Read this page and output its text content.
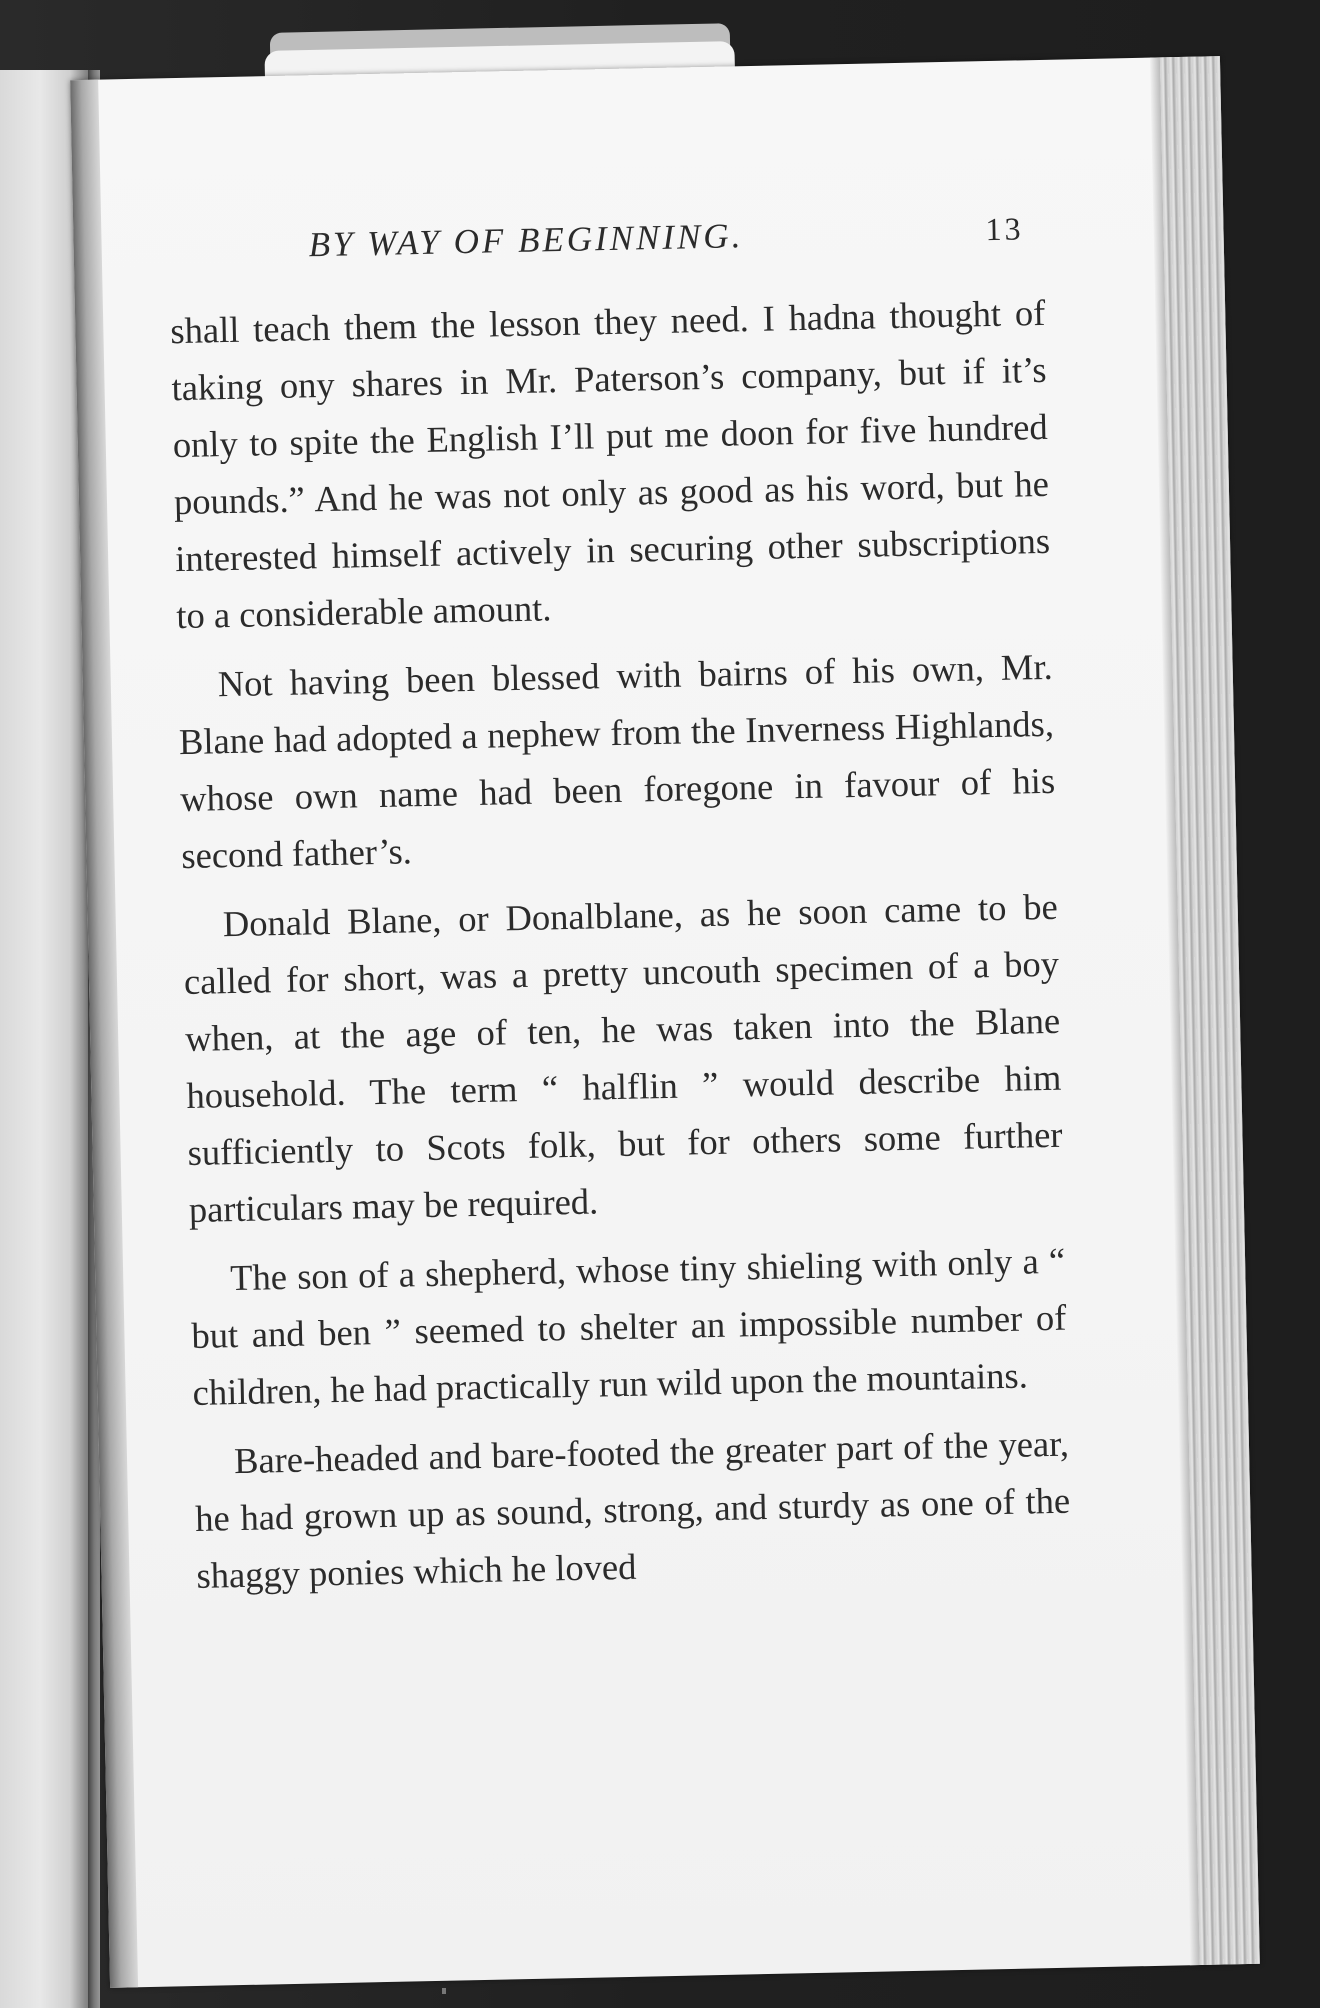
BY WAY OF BEGINNING.	13

shall teach them the lesson they need. I hadna thought of taking ony shares in Mr. Paterson’s company, but if it’s only to spite the English I’ll put me doon for five hundred pounds.” And he was not only as good as his word, but he interested himself actively in securing other subscriptions to a considerable amount.

Not having been blessed with bairns of his own, Mr. Blane had adopted a nephew from the Inverness Highlands, whose own name had been foregone in favour of his second father’s.

Donald Blane, or Donalblane, as he soon came to be called for short, was a pretty uncouth specimen of a boy when, at the age of ten, he was taken into the Blane household. The term “ halflin ” would describe him sufficiently to Scots folk, but for others some further particulars may be required.

The son of a shepherd, whose tiny shieling with only a “ but and ben ” seemed to shelter an impossible number of children, he had practically run wild upon the mountains.

Bare-headed and bare-footed the greater part of the year, he had grown up as sound, strong, and sturdy as one of the shaggy ponies which he loved
